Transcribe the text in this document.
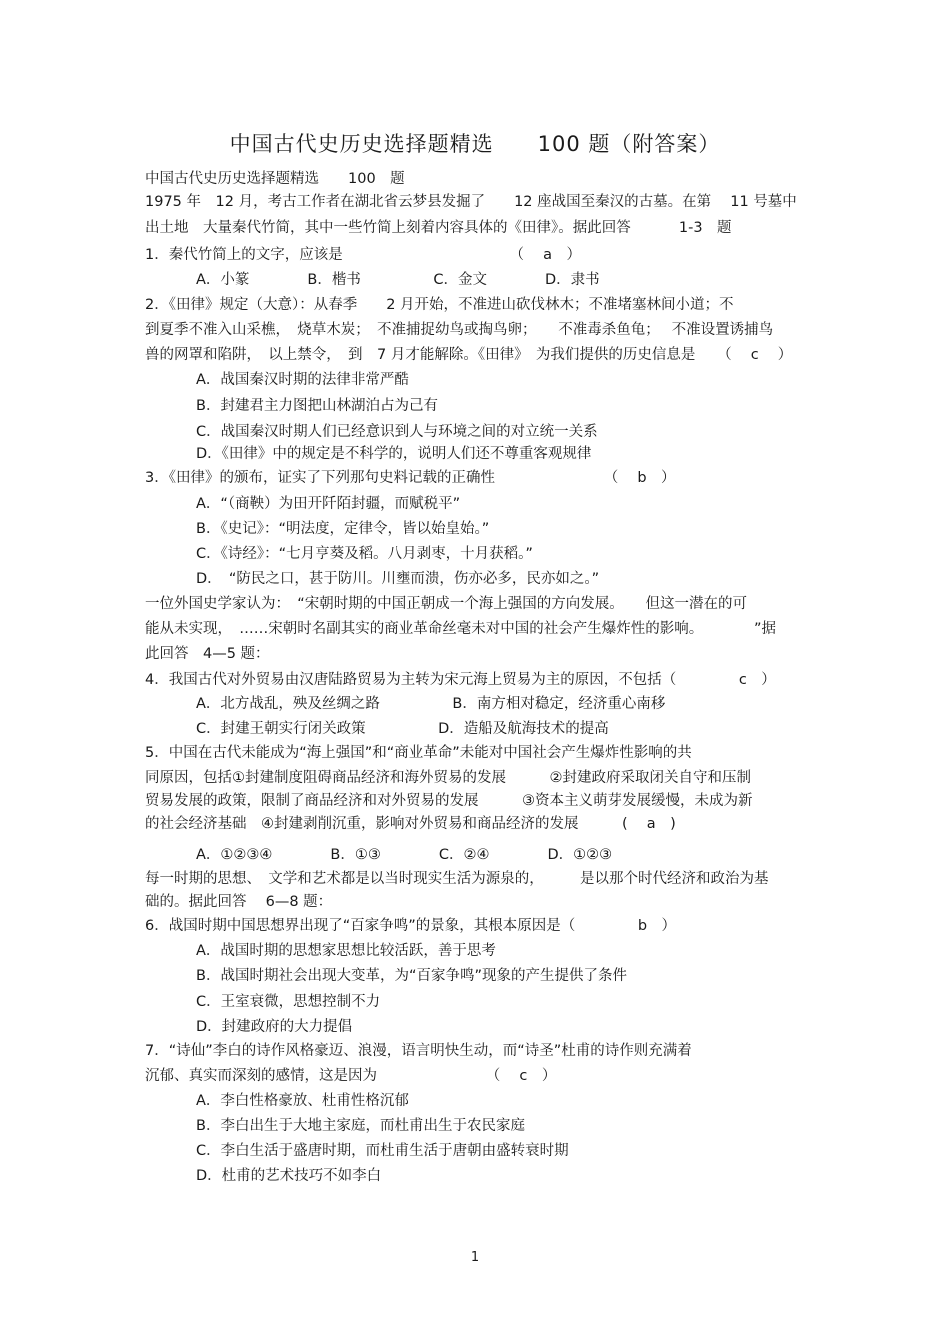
中国古代史历史选择题精选　　100 题（附答案）
中国古代史历史选择题精选　　100　题
1975 年　12 月，考古工作者在湖北省云梦县发掘了　　12 座战国至秦汉的古墓。在第　 11 号墓中
出土地　大量秦代竹简，其中一些竹简上刻着内容具体的《田律》。据此回答　　　 1-3　题
1．秦代竹简上的文字，应该是　　　　　　　　　　　　（　 a　）
A．小篆　　　　B．楷书　　　　　C．金文　　　　D．隶书
2．《田律》规定（大意）：从春季　　2 月开始，不准进山砍伐林木；不准堵塞林间小道；不
到夏季不准入山采樵，　烧草木炭；　不准捕捉幼鸟或掏鸟卵；　　不准毒杀鱼龟；　 不准设置诱捕鸟
兽的网罩和陷阱，　以上禁令，　到　7 月才能解除。《田律》　为我们提供的历史信息是　　（　 c 　）
A．战国秦汉时期的法律非常严酷
B．封建君主力图把山林湖泊占为己有
C．战国秦汉时期人们已经意识到人与环境之间的对立统一关系
D．《田律》中的规定是不科学的，说明人们还不尊重客观规律
3．《田律》的颁布，证实了下列那句史料记载的正确性　　　　　　　　（　 b　）
A．“（商鞅）为田开阡陌封疆，而赋税平”
B．《史记》：“明法度，定律令，皆以始皇始。”
C．《诗经》：“七月亨葵及稻。八月剥枣，十月获稻。”
D．　“防民之口，甚于防川。川壅而溃，伤亦必多，民亦如之。”
一位外国史学家认为：　“宋朝时期的中国正朝成一个海上强国的方向发展。　　但这一潜在的可
能从未实现，　……宋朝时名副其实的商业革命丝毫未对中国的社会产生爆炸性的影响。　　　　”据
此回答　4—5 题：
4．我国古代对外贸易由汉唐陆路贸易为主转为宋元海上贸易为主的原因，不包括（　　　　 c　）
A．北方战乱，殃及丝绸之路　　　　　B．南方相对稳定，经济重心南移
C．封建王朝实行闭关政策　　　　　D．造船及航海技术的提高
5．中国在古代未能成为“海上强国”和“商业革命”未能对中国社会产生爆炸性影响的共
同原因，包括①封建制度阻碍商品经济和海外贸易的发展　　　②封建政府采取闭关自守和压制
贸易发展的政策，限制了商品经济和对外贸易的发展　　　③资本主义萌芽发展缓慢，未成为新
的社会经济基础　④封建剥削沉重，影响对外贸易和商品经济的发展　　　( 　a　)
A．①②③④　　　　B．①③　　　　C．②④　　　　D．①②③
每一时期的思想、　文学和艺术都是以当时现实生活为源泉的，　　　是以那个时代经济和政治为基
础的。据此回答　 6—8 题：
6．战国时期中国思想界出现了“百家争鸣”的景象，其根本原因是（　　　　 b　）
A．战国时期的思想家思想比较活跃，善于思考
B．战国时期社会出现大变革，为“百家争鸣”现象的产生提供了条件
C．王室衰微，思想控制不力
D．封建政府的大力提倡
7．“诗仙”李白的诗作风格豪迈、浪漫，语言明快生动，而“诗圣”杜甫的诗作则充满着
沉郁、真实而深刻的感情，这是因为　　　　　　　　（　 c　）
A．李白性格豪放、杜甫性格沉郁
B．李白出生于大地主家庭，而杜甫出生于农民家庭
C．李白生活于盛唐时期，而杜甫生活于唐朝由盛转衰时期
D．杜甫的艺术技巧不如李白
1
